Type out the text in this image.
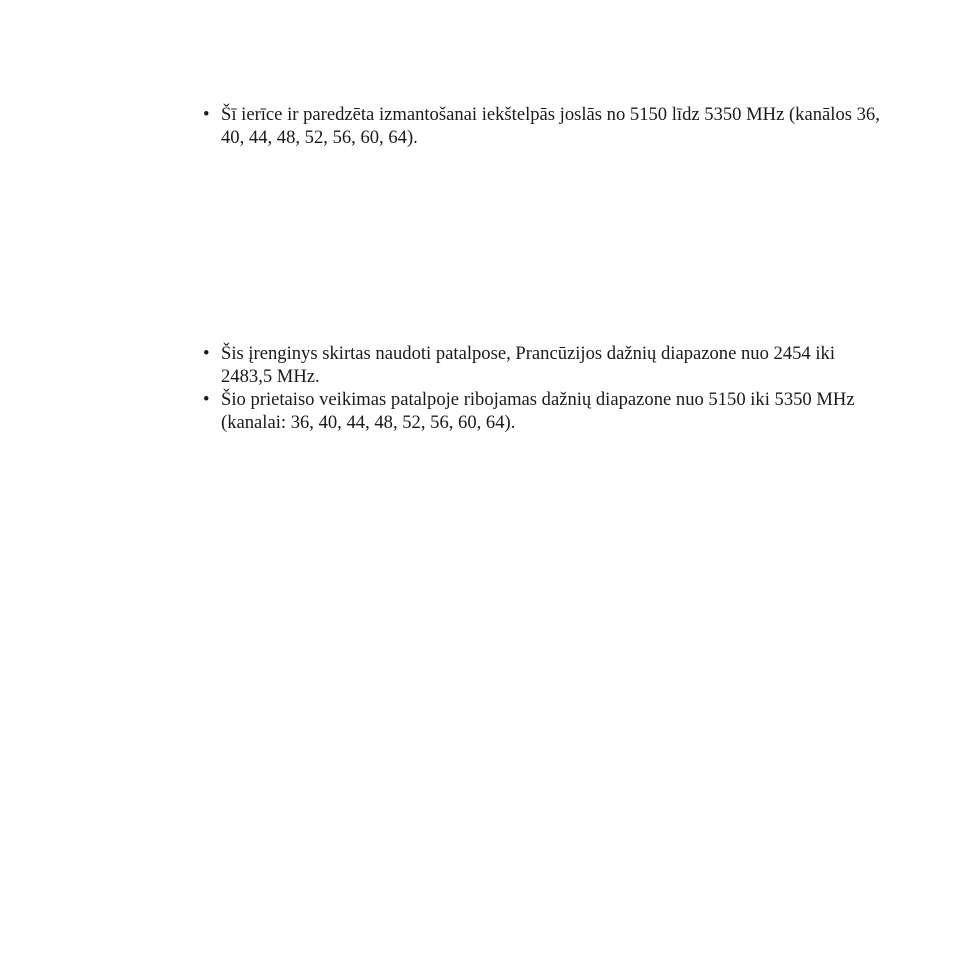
• Šī ierīce ir paredzēta izmantošanai iekštelpās joslās no 5150 līdz 5350 MHz (kanālos 36, 40, 44, 48, 52, 56, 60, 64).
• Šis įrenginys skirtas naudoti patalpose, Prancūzijos dažnių diapazone nuo 2454 iki 2483,5 MHz.
• Šio prietaiso veikimas patalpoje ribojamas dažnių diapazone nuo 5150 iki 5350 MHz (kanalai: 36, 40, 44, 48, 52, 56, 60, 64).
